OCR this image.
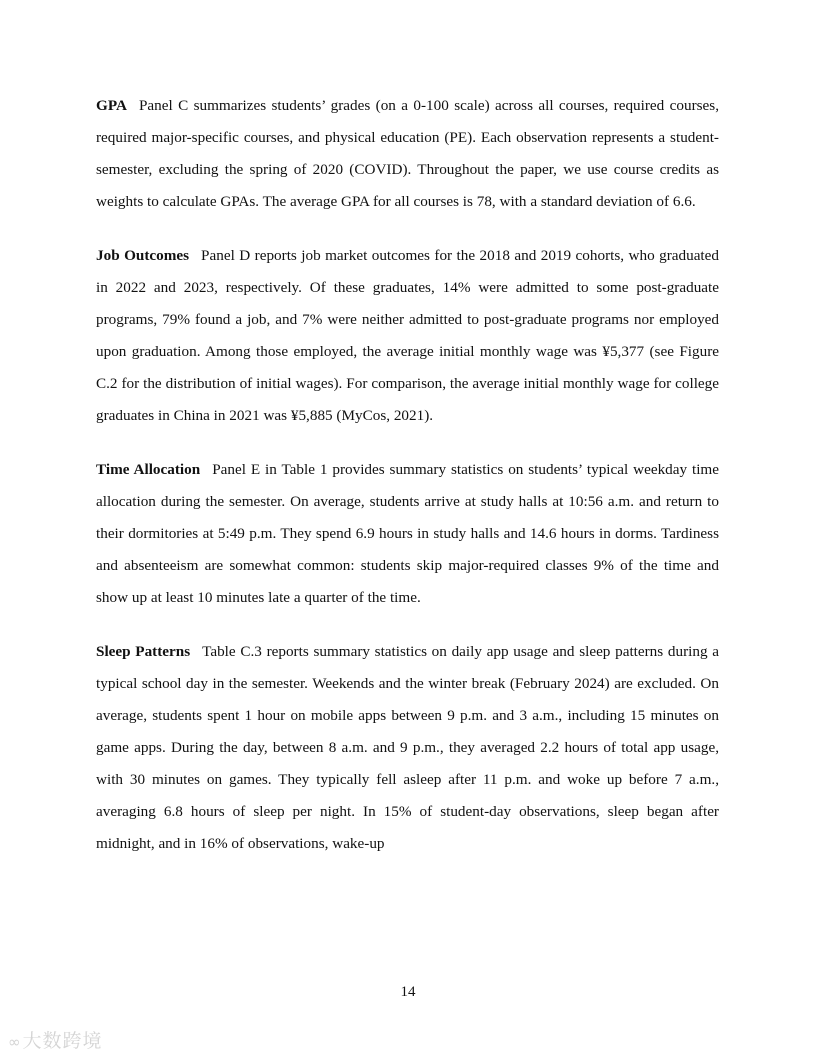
GPA Panel C summarizes students’ grades (on a 0-100 scale) across all courses, required courses, required major-specific courses, and physical education (PE). Each observation represents a student-semester, excluding the spring of 2020 (COVID). Throughout the paper, we use course credits as weights to calculate GPAs. The average GPA for all courses is 78, with a standard deviation of 6.6.

Job Outcomes Panel D reports job market outcomes for the 2018 and 2019 cohorts, who graduated in 2022 and 2023, respectively. Of these graduates, 14% were admitted to some post-graduate programs, 79% found a job, and 7% were neither admitted to post-graduate programs nor employed upon graduation. Among those employed, the average initial monthly wage was ¥5,377 (see Figure C.2 for the distribution of initial wages). For comparison, the average initial monthly wage for college graduates in China in 2021 was ¥5,885 (MyCos, 2021).

Time Allocation Panel E in Table 1 provides summary statistics on students’ typical weekday time allocation during the semester. On average, students arrive at study halls at 10:56 a.m. and return to their dormitories at 5:49 p.m. They spend 6.9 hours in study halls and 14.6 hours in dorms. Tardiness and absenteeism are somewhat common: students skip major-required classes 9% of the time and show up at least 10 minutes late a quarter of the time.

Sleep Patterns Table C.3 reports summary statistics on daily app usage and sleep patterns during a typical school day in the semester. Weekends and the winter break (February 2024) are excluded. On average, students spent 1 hour on mobile apps between 9 p.m. and 3 a.m., including 15 minutes on game apps. During the day, between 8 a.m. and 9 p.m., they averaged 2.2 hours of total app usage, with 30 minutes on games. They typically fell asleep after 11 p.m. and woke up before 7 a.m., averaging 6.8 hours of sleep per night. In 15% of student-day observations, sleep began after midnight, and in 16% of observations, wake-up

14
∞大数跨境
